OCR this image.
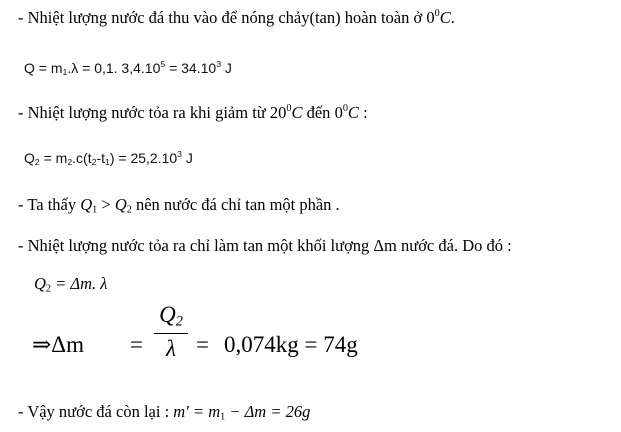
- Nhiệt lượng nước đá thu vào để nóng chảy(tan) hoàn toàn ở $0^0C$.
$Q = m_1.\lambda = 0,1$. $3,4.10^5 = 34.10^3$ J
- Nhiệt lượng nước tỏa ra khi giảm từ $20^0C$ đến $0^0C$ :
$Q_2 = m_2.c(t_2-t_1) = 25,2.10^3$ J
- Ta thấy $Q_1 > Q_2$ nên nước đá chỉ tan một phần .
- Nhiệt lượng nước tỏa ra chỉ làm tan một khối lượng Δm nước đá. Do đó :
$Q_2 = \Delta m$. λ
⇒Δm =
$Q_2$
λ = 0,074kg = 74g
- Vậy nước đá còn lại : $m' = m_1 - \Delta m = 26g$
